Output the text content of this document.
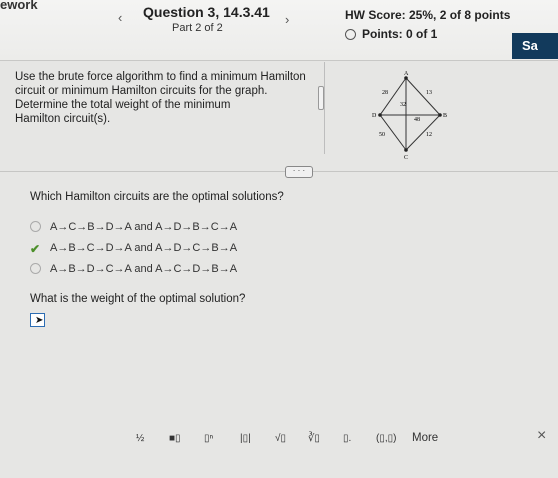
ework
‹ Question 3, 14.3.41
Part 2 of 2
›	HW Score: 25%, 2 of 8 points
Points: 0 of 1
Sa

Use the brute force algorithm to find a minimum Hamilton

circuit or minimum Hamilton circuits for the graph.

Determine the total weight of the minimum

Hamilton circuit(s).

A
D	B
C
28	13
32
48
50	12
· · ·
Which Hamilton circuits are the optimal solutions?
A→C→B→D→A and A→D→B→C→A
✔ A→B→C→D→A and A→D→C→B→A
A→B→D→C→A and A→C→D→B→A
What is the weight of the optimal solution?
➤
½ ■▯ ▯ⁿ	|▯| √▯ ∛▯ ▯. (▯,▯) More	×
